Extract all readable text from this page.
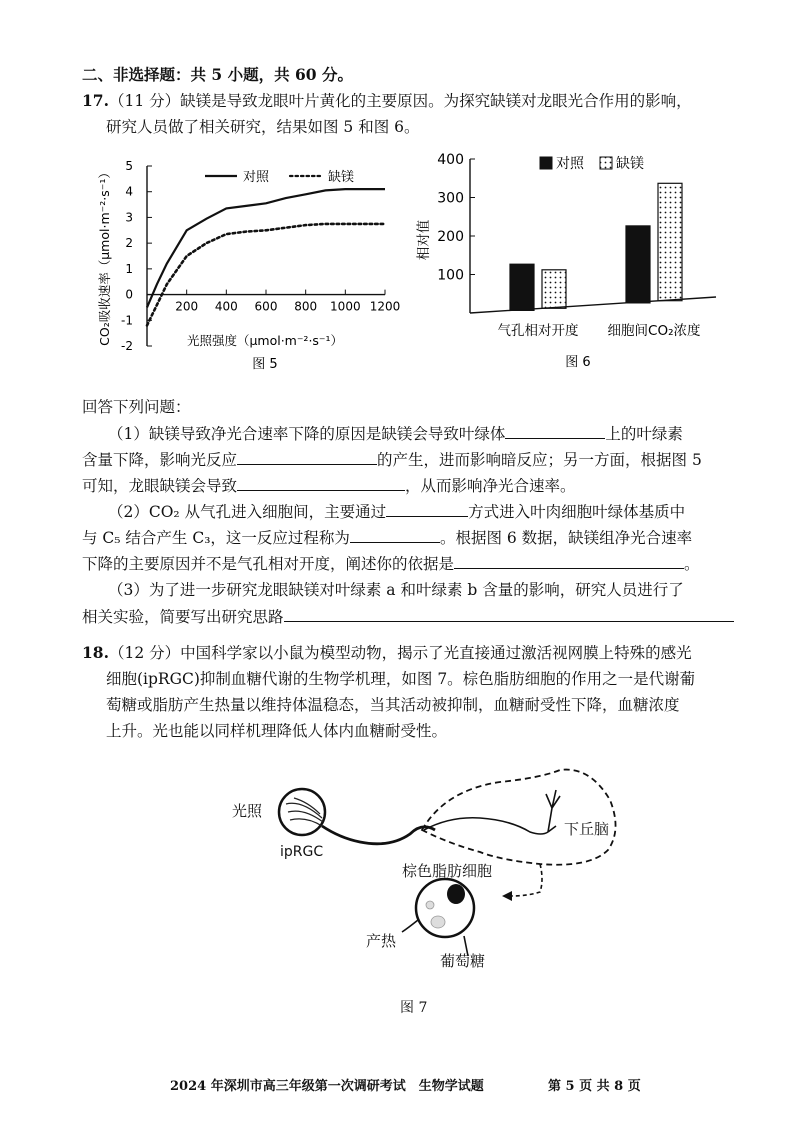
二、非选择题：共 5 小题，共 60 分。
17.（11 分）缺镁是导致龙眼叶片黄化的主要原因。为探究缺镁对龙眼光合作用的影响，
研究人员做了相关研究，结果如图 5 和图 6。
-2
-1
0
1
2
3
4
5
200 400 600 800 1000 1200
对照	缺镁
光照强度（μmol·m⁻²·s⁻¹）
CO₂吸收速率（μmol·m⁻²·s⁻¹）
图 5
100
200
300
400
气孔相对开度 细胞间CO₂浓度
对照 缺镁
相对值
图 6
回答下列问题：
（1）缺镁导致净光合速率下降的原因是缺镁会导致叶绿体	上的叶绿素
含量下降，影响光反应	的产生，进而影响暗反应；另一方面，根据图 5
可知，龙眼缺镁会导致	，从而影响净光合速率。
（2）CO₂ 从气孔进入细胞间，主要通过	方式进入叶肉细胞叶绿体基质中
与 C₅ 结合产生 C₃，这一反应过程称为	。根据图 6 数据，缺镁组净光合速率
下降的主要原因并不是气孔相对开度，阐述你的依据是	。
（3）为了进一步研究龙眼缺镁对叶绿素 a 和叶绿素 b 含量的影响，研究人员进行了
相关实验，简要写出研究思路
18.（12 分）中国科学家以小鼠为模型动物，揭示了光直接通过激活视网膜上特殊的感光
细胞(ipRGC)抑制血糖代谢的生物学机理，如图 7。棕色脂肪细胞的作用之一是代谢葡
萄糖或脂肪产生热量以维持体温稳态，当其活动被抑制，血糖耐受性下降，血糖浓度
上升。光也能以同样机理降低人体内血糖耐受性。
光照
ipRGC
下丘脑
棕色脂肪细胞
产热
葡萄糖
图 7
2024 年深圳市高三年级第一次调研考试　生物学试题	第 5 页 共 8 页
